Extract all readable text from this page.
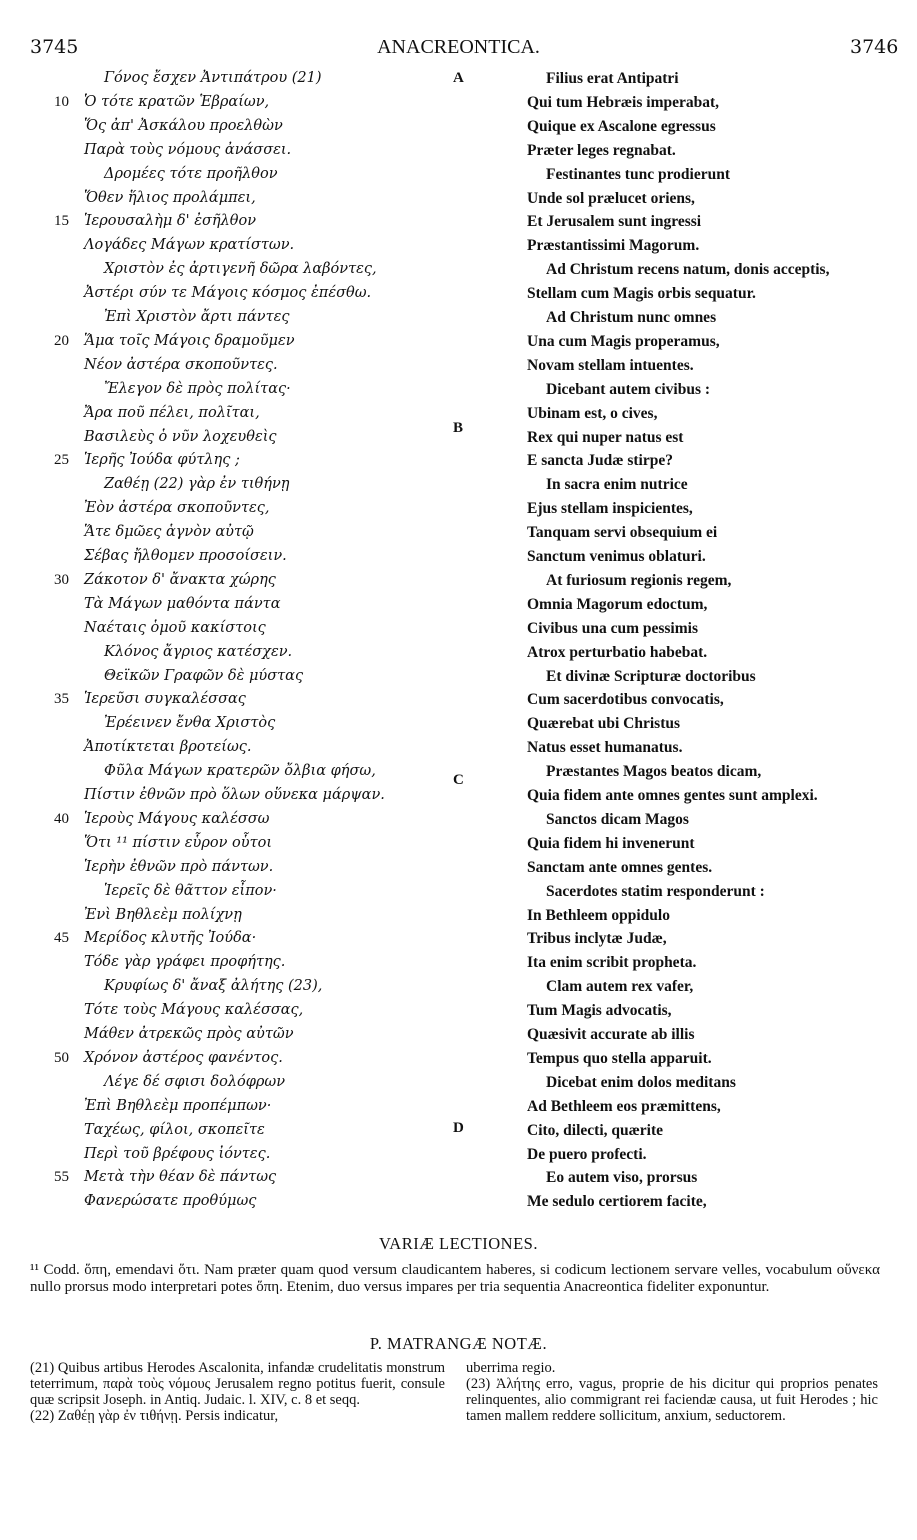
3745	ANACREONTICA.	3746
A
B
C
D
Γόνος ἔσχεν Ἀντιπάτρου (21)	Filius erat Antipatri
10 Ὁ τότε κρατῶν Ἑβραίων,	Qui tum Hebræis imperabat,
Ὅς ἀπ' Ἀσκάλου προελθὼν	Quique ex Ascalone egressus
Παρὰ τοὺς νόμους ἀνάσσει.	Præter leges regnabat.
Δρομέες τότε προῆλθον	Festinantes tunc prodierunt
Ὅθεν ἥλιος προλάμπει,	Unde sol prælucet oriens,
15 Ἱερουσαλὴμ δ' ἐσῆλθον	Et Jerusalem sunt ingressi
Λογάδες Μάγων κρατίστων.	Præstantissimi Magorum.
Χριστὸν ἐς ἀρτιγενῆ δῶρα λαβόντες,	Ad Christum recens natum, donis acceptis,
Ἀστέρι σύν τε Μάγοις κόσμος ἐπέσθω.	Stellam cum Magis orbis sequatur.
Ἐπὶ Χριστὸν ἄρτι πάντες	Ad Christum nunc omnes
20 Ἅμα τοῖς Μάγοις δραμοῦμεν	Una cum Magis properamus,
Νέον ἀστέρα σκοποῦντες.	Novam stellam intuentes.
Ἔλεγον δὲ πρὸς πολίτας·	Dicebant autem civibus :
Ἄρα ποῦ πέλει, πολῖται,	Ubinam est, o cives,
Βασιλεὺς ὁ νῦν λοχευθεὶς	Rex qui nuper natus est
25 Ἱερῆς Ἰούδα φύτλης ;	E sancta Judæ stirpe?
Ζαθέῃ (22) γὰρ ἐν τιθήνῃ	In sacra enim nutrice
Ἐὸν ἀστέρα σκοποῦντες,	Ejus stellam inspicientes,
Ἅτε δμῶες ἁγνὸν αὐτῷ	Tanquam servi obsequium ei
Σέβας ἤλθομεν προσοίσειν.	Sanctum venimus oblaturi.
30 Ζάκοτον δ' ἄνακτα χώρης	At furiosum regionis regem,
Τὰ Μάγων μαθόντα πάντα	Omnia Magorum edoctum,
Ναέταις ὁμοῦ κακίστοις	Civibus una cum pessimis
Κλόνος ἄγριος κατέσχεν.	Atrox perturbatio habebat.
Θεϊκῶν Γραφῶν δὲ μύστας	Et divinæ Scripturæ doctoribus
35 Ἱερεῦσι συγκαλέσσας	Cum sacerdotibus convocatis,
Ἐρέεινεν ἔνθα Χριστὸς	Quærebat ubi Christus
Ἀποτίκτεται βροτείως.	Natus esset humanatus.
Φῦλα Μάγων κρατερῶν ὄλβια φήσω,	Præstantes Magos beatos dicam,
Πίστιν ἐθνῶν πρὸ ὅλων οὕνεκα μάρψαν.	Quia fidem ante omnes gentes sunt amplexi.
40 Ἱεροὺς Μάγους καλέσσω	Sanctos dicam Magos
Ὅτι ¹¹ πίστιν εὗρον οὗτοι	Quia fidem hi invenerunt
Ἱερὴν ἐθνῶν πρὸ πάντων.	Sanctam ante omnes gentes.
Ἱερεῖς δὲ θᾶττον εἶπον·	Sacerdotes statim responderunt :
Ἐνὶ Βηθλεὲμ πολίχνῃ	In Bethleem oppidulo
45 Μερίδος κλυτῆς Ἰούδα·	Tribus inclytæ Judæ,
Τόδε γὰρ γράφει προφήτης.	Ita enim scribit propheta.
Κρυφίως δ' ἄναξ ἀλήτης (23),	Clam autem rex vafer,
Τότε τοὺς Μάγους καλέσσας,	Tum Magis advocatis,
Μάθεν ἀτρεκῶς πρὸς αὐτῶν	Quæsivit accurate ab illis
50 Χρόνον ἀστέρος φανέντος.	Tempus quo stella apparuit.
Λέγε δέ σφισι δολόφρων	Dicebat enim dolos meditans
Ἐπὶ Βηθλεὲμ προπέμπων·	Ad Bethleem eos præmittens,
Ταχέως, φίλοι, σκοπεῖτε	Cito, dilecti, quærite
Περὶ τοῦ βρέφους ἰόντες.	De puero profecti.
55 Μετὰ τὴν θέαν δὲ πάντως	Eo autem viso, prorsus
Φανερώσατε προθύμως	Me sedulo certiorem facite,
VARIÆ LECTIONES.
¹¹ Codd. ὅπη, emendavi ὅτι. Nam præter quam quod versum claudicantem haberes, si codicum lectionem servare velles, vocabulum οὕνεκα nullo prorsus modo interpretari potes ὅπη. Etenim, duo versus impares per tria sequentia Anacreontica fideliter exponuntur.
P. MATRANGÆ NOTÆ.

(21) Quibus artibus Herodes Ascalonita, infandæ crudelitatis monstrum teterrimum, παρὰ τοὺς νόμους Jerusalem regno potitus fuerit, consule quæ scripsit Joseph. in Antiq. Judaic. l. XIV, c. 8 et seqq.

(22) Ζαθέῃ γὰρ ἐν τιθήνῃ. Persis indicatur,

uberrima regio.

(23) Ἀλήτης erro, vagus, proprie de his dicitur qui proprios penates relinquentes, alio commigrant rei faciendæ causa, ut fuit Herodes ; hic tamen mallem reddere sollicitum, anxium, seductorem.
